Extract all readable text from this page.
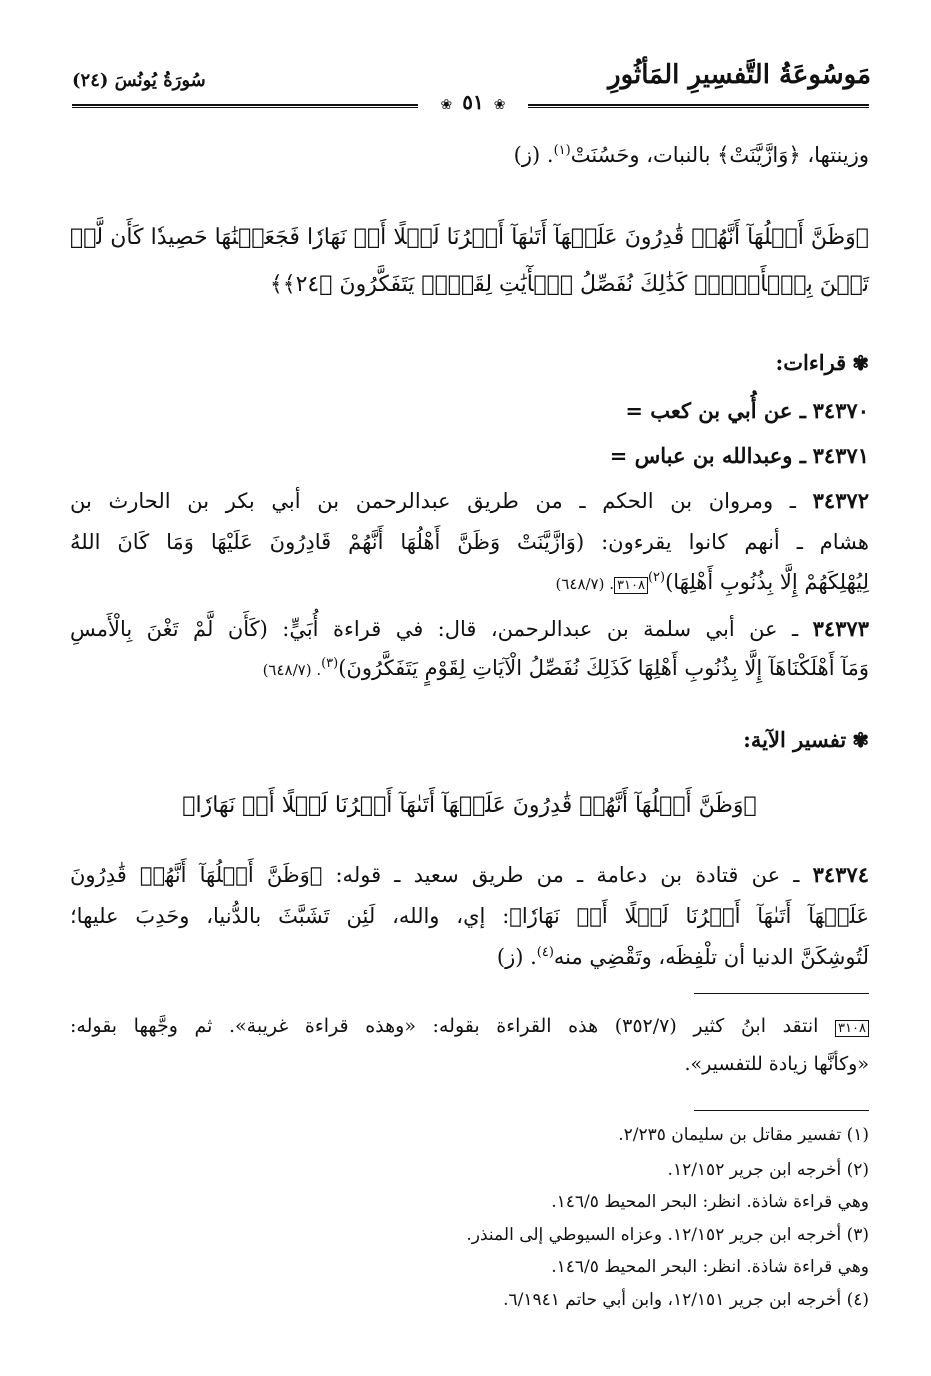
مَوسُوعَةُ التَّفسِيرِ المَأثُورِ
سُورَةُ يُونُسَ (٢٤)
❀ ٥١ ❀
وزينتها، ﴿وَازَّيَّنَتْ﴾ بالنبات، وحَسُنَتْ$^{(١)}$. (ز)
﴿وَظَنَّ أَهۡلُهَآ أَنَّهُمۡ قَٰدِرُونَ عَلَيۡهَآ أَتَىٰهَآ أَمۡرُنَا لَيۡلًا أَوۡ نَهَارٗا فَجَعَلۡنَٰهَا حَصِيدٗا كَأَن لَّمۡ
تَغۡنَ بِٱلۡأَمۡسِۚ كَذَٰلِكَ نُفَصِّلُ ٱلۡأٓيَٰتِ لِقَوۡمٖ يَتَفَكَّرُونَ ﴿٢٤﴾﴾
✾قراءات:
٣٤٣٧٠ ـ عن أُبي بن كعب =
٣٤٣٧١ ـ وعبدالله بن عباس =
٣٤٣٧٢ ـ ومروان بن الحكم ـ من طريق عبدالرحمن بن أبي بكر بن الحارث بن
هشام ـ أنهم كانوا يقرءون: (وَازَّيَّنَتْ وَظَنَّ أَهْلُهَا أَنَّهُمْ قَادِرُونَ عَلَيْهَا وَمَا كَانَ اللهُ
لِيُهْلِكَهُمْ إِلَّا بِذُنُوبِ أَهْلِهَا)$^{(٢)}$٣١٠٨. (٦٤٨/٧)
٣٤٣٧٣ ـ عن أبي سلمة بن عبدالرحمن، قال: في قراءة أُبَيٍّ: (كَأَن لَّمْ تَغْنَ بِالْأَمسِ
وَمَآ أَهْلَكْنَاهَآ إِلَّا بِذُنُوبِ أَهْلِهَا كَذَلِكَ نُفَصِّلُ الْآيَاتِ لِقَوْمٍ يَتَفَكَّرُونَ)$^{(٣)}$. (٦٤٨/٧)
✾تفسير الآية:
﴿وَظَنَّ أَهۡلُهَآ أَنَّهُمۡ قَٰدِرُونَ عَلَيۡهَآ أَتَىٰهَآ أَمۡرُنَا لَيۡلًا أَوۡ نَهَارٗا﴾
٣٤٣٧٤ ـ عن قتادة بن دعامة ـ من طريق سعيد ـ قوله: ﴿وَظَنَّ أَهۡلُهَآ أَنَّهُمۡ قَٰدِرُونَ
عَلَيۡهَآ أَتَىٰهَآ أَمۡرُنَا لَيۡلًا أَوۡ نَهَارٗا﴾: إي، والله، لَئِن تَشَبَّثَ بالدُّنيا، وحَدِبَ عليها؛
لَتُوشِكَنَّ الدنيا أن تلْفِظَه، وتَقْضِي منه$^{(٤)}$. (ز)
٣١٠٨ انتقد ابنُ كثير (٣٥٢/٧) هذه القراءة بقوله: «وهذه قراءة غريبة». ثم وجَّهها بقوله:
«وكأنَّها زيادة للتفسير».
(١) تفسير مقاتل بن سليمان ٢/٢٣٥.
(٢) أخرجه ابن جرير ١٢/١٥٢.
وهي قراءة شاذة. انظر: البحر المحيط ١٤٦/٥.
(٣) أخرجه ابن جرير ١٢/١٥٢. وعزاه السيوطي إلى المنذر.
وهي قراءة شاذة. انظر: البحر المحيط ١٤٦/٥.
(٤) أخرجه ابن جرير ١٢/١٥١، وابن أبي حاتم ٦/١٩٤١.
